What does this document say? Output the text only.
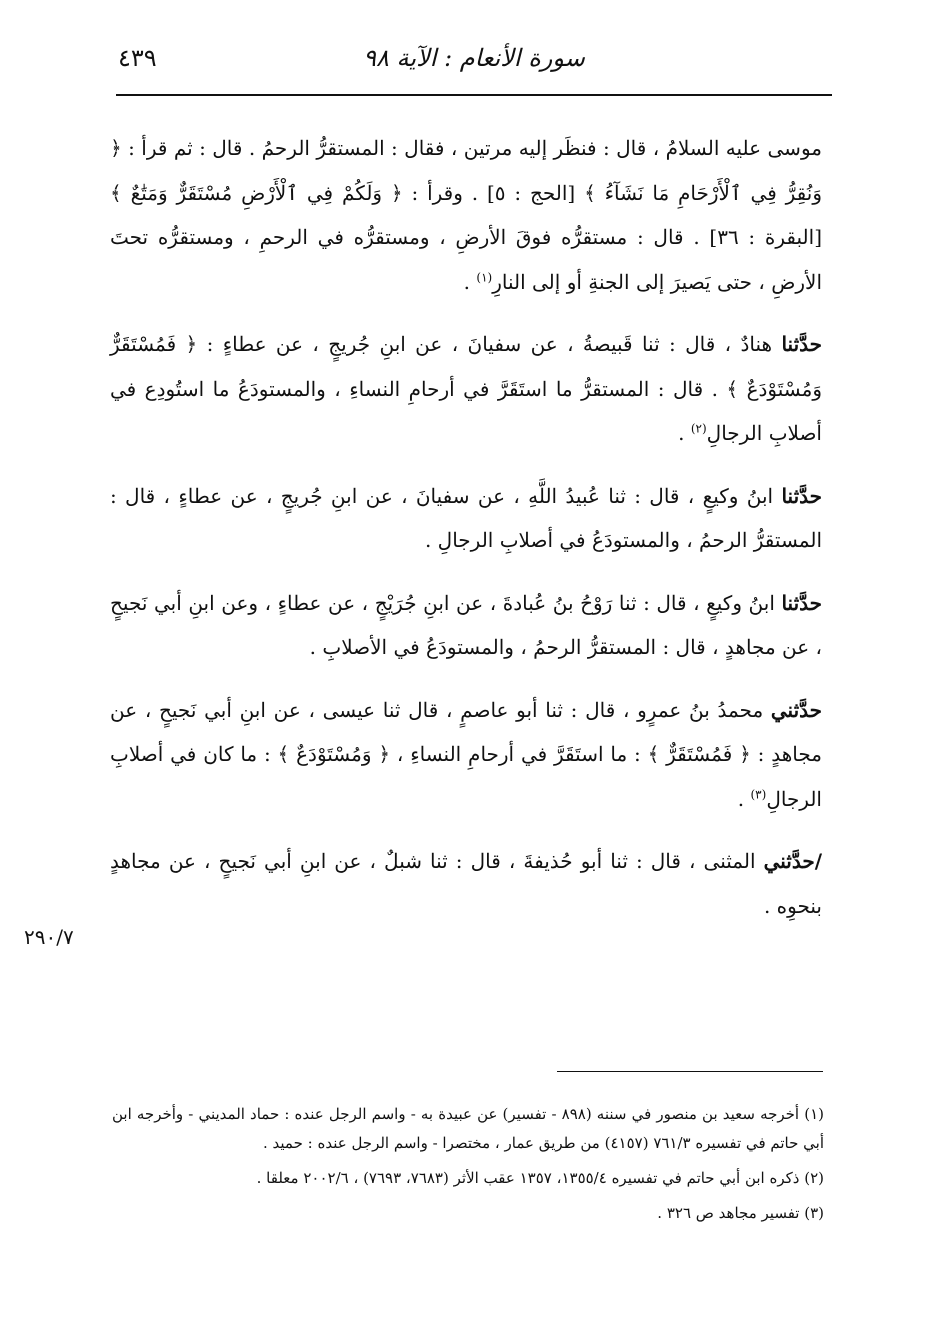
٤٣٩	سورة الأنعام : الآية ٩٨

موسى عليه السلامُ ، قال : فنظَر إليه مرتين ، فقال : المستقرُّ الرحمُ . قال : ثم قرأ : ﴿ وَنُقِرُّ فِي ٱلْأَرْحَامِ مَا نَشَآءُ ﴾ [الحج : ٥] . وقرأ : ﴿ وَلَكُمْ فِي ٱلْأَرْضِ مُسْتَقَرٌّ وَمَتَٰعٌ ﴾ [البقرة : ٣٦] . قال : مستقرُّه فوقَ الأرضِ ، ومستقرُّه في الرحمِ ، ومستقرُّه تحتَ الأرضِ ، حتى يَصيرَ إلى الجنةِ أو إلى النارِ$^{(١)}$ .

حدَّثنا هنادٌ ، قال : ثنا قَبيصةُ ، عن سفيانَ ، عن ابنِ جُريجٍ ، عن عطاءٍ : ﴿ فَمُسْتَقَرٌّ وَمُسْتَوْدَعٌ ﴾ . قال : المستقرُّ ما استَقَرَّ في أرحامِ النساءِ ، والمستودَعُ ما استُودِع في أصلابِ الرجالِ$^{(٢)}$ .

حدَّثنا ابنُ وكيعٍ ، قال : ثنا عُبيدُ اللَّهِ ، عن سفيانَ ، عن ابنِ جُريجٍ ، عن عطاءٍ ، قال : المستقرُّ الرحمُ ، والمستودَعُ في أصلابِ الرجالِ .

حدَّثنا ابنُ وكيعٍ ، قال : ثنا رَوْحُ بنُ عُبادةَ ، عن ابنِ جُرَيْجٍ ، عن عطاءٍ ، وعن ابنِ أبي نَجيحٍ ، عن مجاهدٍ ، قال : المستقرُّ الرحمُ ، والمستودَعُ في الأصلابِ .

حدَّثني محمدُ بنُ عمرٍو ، قال : ثنا أبو عاصمٍ ، قال ثنا عيسى ، عن ابنِ أبي نَجيحٍ ، عن مجاهدٍ : ﴿ فَمُسْتَقَرٌّ ﴾ : ما استَقَرَّ في أرحامِ النساءِ ، ﴿ وَمُسْتَوْدَعٌ ﴾ : ما كان في أصلابِ الرجالِ$^{(٣)}$ .

/حدَّثني المثنى ، قال : ثنا أبو حُذيفةَ ، قال : ثنا شبلٌ ، عن ابنِ أبي نَجيحٍ ، عن مجاهدٍ بنحوِه .

٢٩٠/٧

(١) أخرجه سعيد بن منصور في سننه (٨٩٨ - تفسير) عن عبيدة به - واسم الرجل عنده : حماد المديني - وأخرجه ابن أبي حاتم في تفسيره ٧٦١/٣ (٤١٥٧) من طريق عمار ، مختصرا - واسم الرجل عنده : حميد .

(٢) ذكره ابن أبي حاتم في تفسيره ١٣٥٥/٤، ١٣٥٧ عقب الأثر (٧٦٨٣، ٧٦٩٣) ، ٢٠٠٢/٦ معلقا .

(٣) تفسير مجاهد ص ٣٢٦ .
